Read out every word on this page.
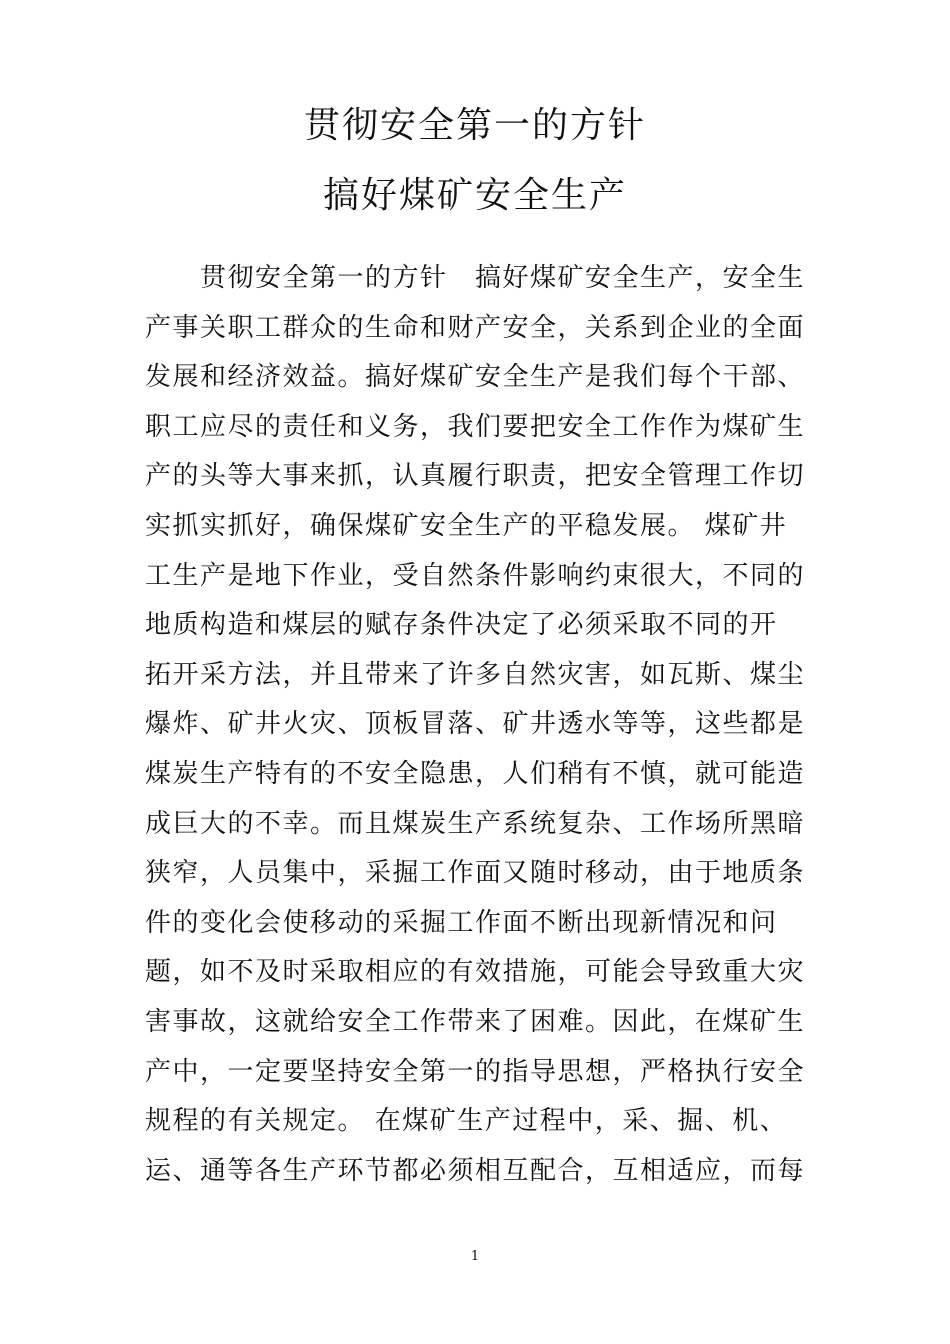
贯彻安全第一的方针
搞好煤矿安全生产
　　贯彻安全第一的方针　搞好煤矿安全生产，安全生
产事关职工群众的生命和财产安全，关系到企业的全面
发展和经济效益。搞好煤矿安全生产是我们每个干部、
职工应尽的责任和义务，我们要把安全工作作为煤矿生
产的头等大事来抓，认真履行职责，把安全管理工作切
实抓实抓好，确保煤矿安全生产的平稳发展。 煤矿井
工生产是地下作业，受自然条件影响约束很大，不同的
地质构造和煤层的赋存条件决定了必须采取不同的开
拓开采方法，并且带来了许多自然灾害，如瓦斯、煤尘
爆炸、矿井火灾、顶板冒落、矿井透水等等，这些都是
煤炭生产特有的不安全隐患，人们稍有不慎，就可能造
成巨大的不幸。而且煤炭生产系统复杂、工作场所黑暗
狭窄，人员集中，采掘工作面又随时移动，由于地质条
件的变化会使移动的采掘工作面不断出现新情况和问
题，如不及时采取相应的有效措施，可能会导致重大灾
害事故，这就给安全工作带来了困难。因此，在煤矿生
产中，一定要坚持安全第一的指导思想，严格执行安全
规程的有关规定。 在煤矿生产过程中，采、掘、机、
运、通等各生产环节都必须相互配合，互相适应，而每
1
